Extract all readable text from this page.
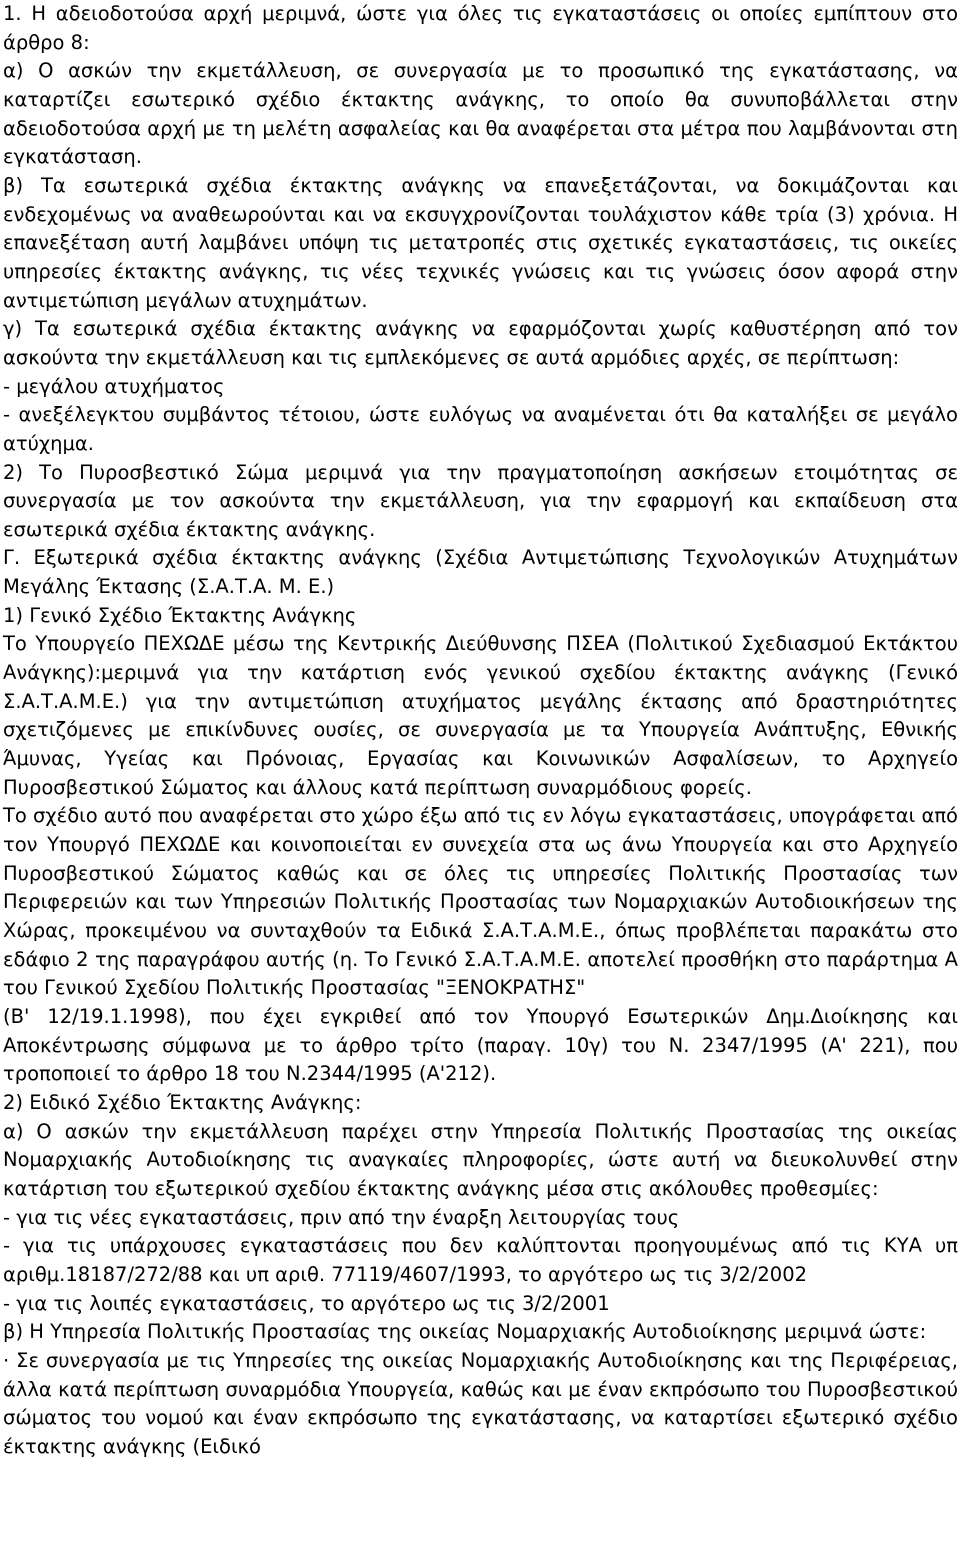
1. Η αδειοδοτούσα αρχή μεριμνά, ώστε για όλες τις εγκαταστάσεις οι οποίες εμπίπτουν στο άρθρο 8:

α) Ο ασκών την εκμετάλλευση, σε συνεργασία με το προσωπικό της εγκατάστασης, να καταρτίζει εσωτερικό σχέδιο έκτακτης ανάγκης, το οποίο θα συνυποβάλλεται στην αδειοδοτούσα αρχή με τη μελέτη ασφαλείας και θα αναφέρεται στα μέτρα που λαμβάνονται στη εγκατάσταση.

β) Τα εσωτερικά σχέδια έκτακτης ανάγκης να επανεξετάζονται, να δοκιμάζονται και ενδεχομένως να αναθεωρούνται και να εκσυγχρονίζονται τουλάχιστον κάθε τρία (3) χρόνια. Η επανεξέταση αυτή λαμβάνει υπόψη τις μετατροπές στις σχετικές εγκαταστάσεις, τις οικείες υπηρεσίες έκτακτης ανάγκης, τις νέες τεχνικές γνώσεις και τις γνώσεις όσον αφορά στην αντιμετώπιση μεγάλων ατυχημάτων.

γ) Τα εσωτερικά σχέδια έκτακτης ανάγκης να εφαρμόζονται χωρίς καθυστέρηση από τον ασκούντα την εκμετάλλευση και τις εμπλεκόμενες σε αυτά αρμόδιες αρχές, σε περίπτωση:

- μεγάλου ατυχήματος

- ανεξέλεγκτου συμβάντος τέτοιου, ώστε ευλόγως να αναμένεται ότι θα καταλήξει σε μεγάλο ατύχημα.

2) Το Πυροσβεστικό Σώμα μεριμνά για την πραγματοποίηση ασκήσεων ετοιμότητας σε συνεργασία με τον ασκούντα την εκμετάλλευση, για την εφαρμογή και εκπαίδευση στα εσωτερικά σχέδια έκτακτης ανάγκης.

Γ. Εξωτερικά σχέδια έκτακτης ανάγκης (Σχέδια Αντιμετώπισης Τεχνολογικών Ατυχημάτων Μεγάλης Έκτασης (Σ.Α.Τ.Α. Μ. Ε.)

1) Γενικό Σχέδιο Έκτακτης Ανάγκης

Το Υπουργείο ΠΕΧΩΔΕ μέσω της Κεντρικής Διεύθυνσης ΠΣΕΑ (Πολιτικού Σχεδιασμού Εκτάκτου Ανάγκης):μεριμνά για την κατάρτιση ενός γενικού σχεδίου έκτακτης ανάγκης (Γενικό Σ.Α.Τ.Α.Μ.Ε.) για την αντιμετώπιση ατυχήματος μεγάλης έκτασης από δραστηριότητες σχετιζόμενες με επικίνδυνες ουσίες, σε συνεργασία με τα Υπουργεία Ανάπτυξης, Εθνικής Άμυνας, Υγείας και Πρόνοιας, Εργασίας και Κοινωνικών Ασφαλίσεων, το Αρχηγείο Πυροσβεστικού Σώματος και άλλους κατά περίπτωση συναρμόδιους φορείς.

Το σχέδιο αυτό που αναφέρεται στο χώρο έξω από τις εν λόγω εγκαταστάσεις, υπογράφεται από τον Υπουργό ΠΕΧΩΔΕ και κοινοποιείται εν συνεχεία στα ως άνω Υπουργεία και στο Αρχηγείο Πυροσβεστικού Σώματος καθώς και σε όλες τις υπηρεσίες Πολιτικής Προστασίας των Περιφερειών και των Υπηρεσιών Πολιτικής Προστασίας των Νομαρχιακών Αυτοδιοικήσεων της Χώρας, προκειμένου να συνταχθούν τα Ειδικά Σ.Α.Τ.Α.Μ.Ε., όπως προβλέπεται παρακάτω στο εδάφιο 2 της παραγράφου αυτής (η. Το Γενικό Σ.Α.Τ.Α.Μ.Ε. αποτελεί προσθήκη στο παράρτημα Α του Γενικού Σχεδίου Πολιτικής Προστασίας "ΞΕΝΟΚΡΑΤΗΣ"

(Β' 12/19.1.1998), που έχει εγκριθεί από τον Υπουργό Εσωτερικών Δημ.Διοίκησης και Αποκέντρωσης σύμφωνα με το άρθρο τρίτο (παραγ. 10γ) του Ν. 2347/1995 (Α' 221), που τροποποιεί το άρθρο 18 του Ν.2344/1995 (Α'212).

2) Ειδικό Σχέδιο Έκτακτης Ανάγκης:

α) Ο ασκών την εκμετάλλευση παρέχει στην Υπηρεσία Πολιτικής Προστασίας της οικείας Νομαρχιακής Αυτοδιοίκησης τις αναγκαίες πληροφορίες, ώστε αυτή να διευκολυνθεί στην κατάρτιση του εξωτερικού σχεδίου έκτακτης ανάγκης μέσα στις ακόλουθες προθεσμίες:

- για τις νέες εγκαταστάσεις, πριν από την έναρξη λειτουργίας τους

- για τις υπάρχουσες εγκαταστάσεις που δεν καλύπτονται προηγουμένως από τις ΚΥΑ υπ αριθμ.18187/272/88 και υπ αριθ. 77119/4607/1993, το αργότερο ως τις 3/2/2002

- για τις λοιπές εγκαταστάσεις, το αργότερο ως τις 3/2/2001

β) Η Υπηρεσία Πολιτικής Προστασίας της οικείας Νομαρχιακής Αυτοδιοίκησης μεριμνά ώστε:

· Σε συνεργασία με τις Υπηρεσίες της οικείας Νομαρχιακής Αυτοδιοίκησης και της Περιφέρειας, άλλα κατά περίπτωση συναρμόδια Υπουργεία, καθώς και με έναν εκπρόσωπο του Πυροσβεστικού σώματος του νομού και έναν εκπρόσωπο της εγκατάστασης, να καταρτίσει εξωτερικό σχέδιο έκτακτης ανάγκης (Ειδικό
